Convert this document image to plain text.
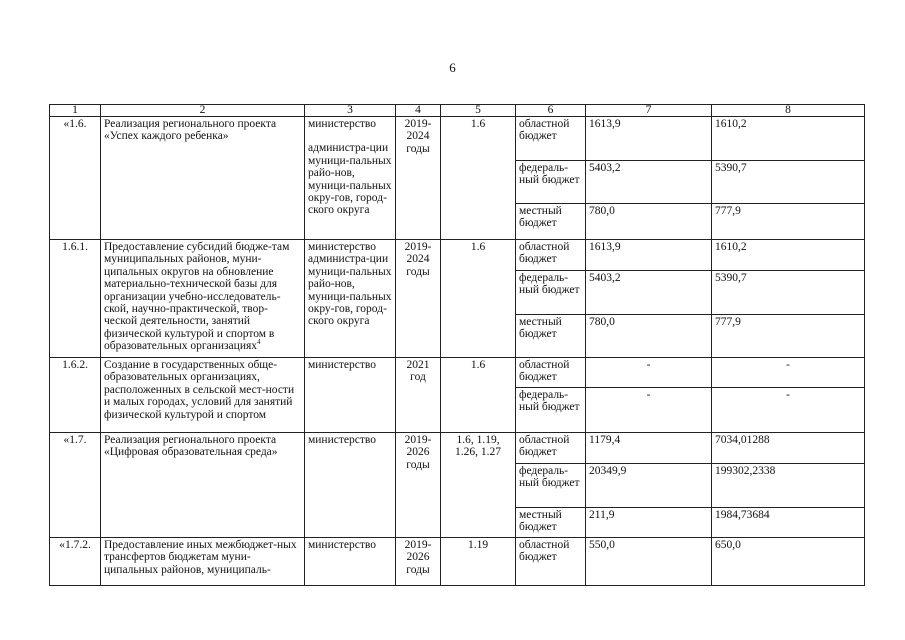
6
1	2	3	4	5	6	7	8
«1.6.	Реализация регионального проекта «Успех каждого ребенка»	министерство
администра-ции муници-пальных райо-нов, муници-пальных окру-гов, город-ского округа	2019-2024 годы	1.6	областной бюджет	1613,9	1610,2
					федераль-ный бюджет	5403,2	5390,7
					местный бюджет	780,0	777,9
1.6.1.	Предоставление субсидий бюдже-там муниципальных районов, муни-ципальных округов на обновление материально-технической базы для организации учебно-исследователь-ской, научно-практической, твор-ческой деятельности, занятий физической культурой и спортом в образовательных организациях$^4$	министерство
администра-ции муници-пальных райо-нов, муници-пальных окру-гов, город-ского округа	2019-2024 годы	1.6	областной бюджет	1613,9	1610,2
					федераль-ный бюджет	5403,2	5390,7
					местный бюджет	780,0	777,9
1.6.2.	Создание в государственных обще-образовательных организациях, расположенных в сельской мест-ности и малых городах, условий для занятий физической культурой и спортом	министерство	2021 год	1.6	областной бюджет	-	-
					федераль-ный бюджет	-	-
«1.7.	Реализация регионального проекта «Цифровая образовательная среда»	министерство	2019-2026 годы	1.6, 1.19, 1.26, 1.27	областной бюджет	1179,4	7034,01288
					федераль-ный бюджет	20349,9	199302,2338
					местный бюджет	211,9	1984,73684
«1.7.2.	Предоставление иных межбюджет-ных трансфертов бюджетам муни-ципальных районов, муниципаль-	министерство	2019-2026 годы	1.19	областной бюджет	550,0	650,0
